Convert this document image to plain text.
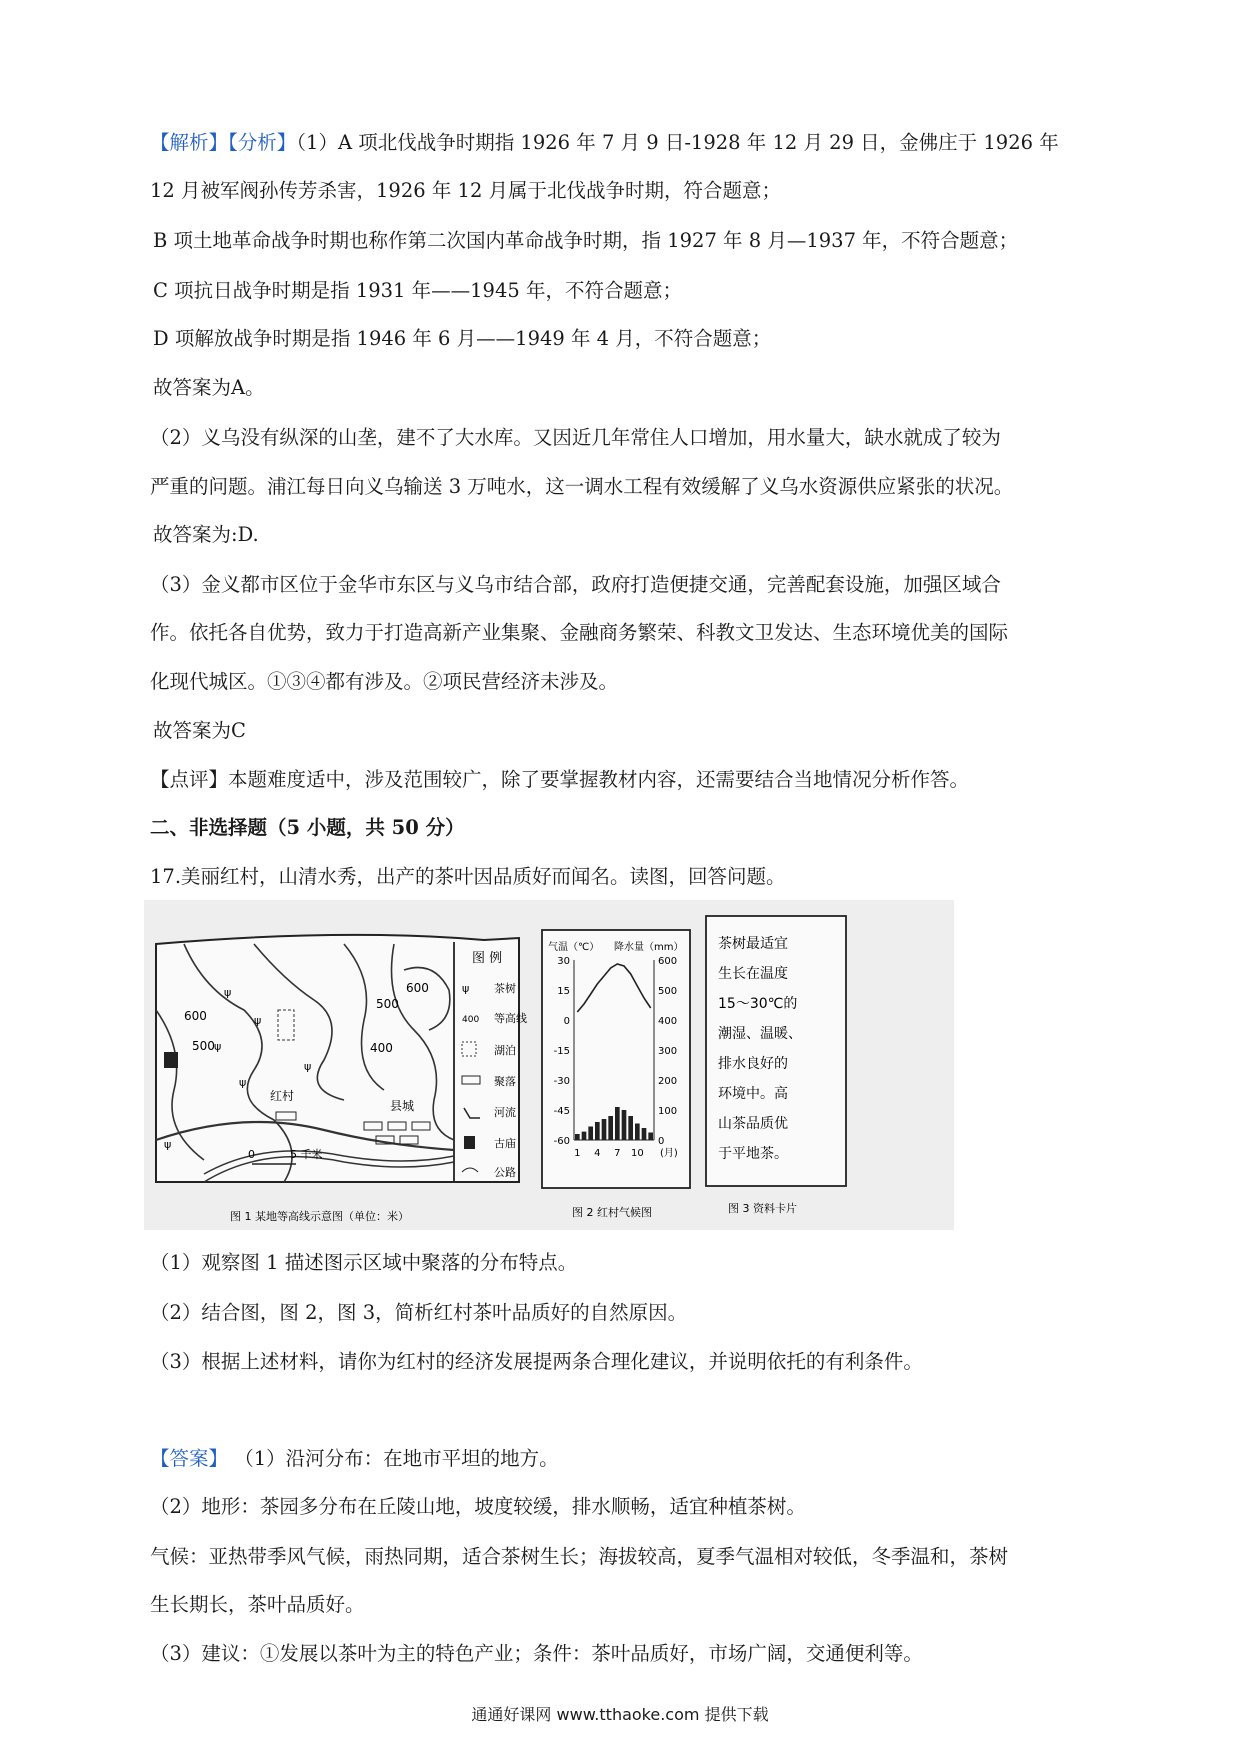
【解析】【分析】（1）A 项北伐战争时期指 1926 年 7 月 9 日-1928 年 12 月 29 日，金佛庄于 1926 年
12 月被军阀孙传芳杀害，1926 年 12 月属于北伐战争时期，符合题意；
B 项土地革命战争时期也称作第二次国内革命战争时期，指 1927 年 8 月—1937 年，不符合题意；
C 项抗日战争时期是指 1931 年——1945 年，不符合题意；
D 项解放战争时期是指 1946 年 6 月——1949 年 4 月，不符合题意；
故答案为A。
（2）义乌没有纵深的山垄，建不了大水库。又因近几年常住人口增加，用水量大，缺水就成了较为
严重的问题。浦江每日向义乌输送 3 万吨水，这一调水工程有效缓解了义乌水资源供应紧张的状况。
故答案为:D.
（3）金义都市区位于金华市东区与义乌市结合部，政府打造便捷交通，完善配套设施，加强区域合
作。依托各自优势，致力于打造高新产业集聚、金融商务繁荣、科教文卫发达、生态环境优美的国际
化现代城区。①③④都有涉及。②项民营经济未涉及。
故答案为C
【点评】本题难度适中，涉及范围较广，除了要掌握教材内容，还需要结合当地情况分析作答。
二、非选择题（5 小题，共 50 分）
17.美丽红村，山清水秀，出产的茶叶因品质好而闻名。读图，回答问题。
ψ
ψ
ψ
ψ
ψ
ψ
600
500
600
500
400
红村
县城
0	5 千米
图 例
ψ 茶树
400 等高线
湖泊
聚落
河流
古庙
公路
图 1 某地等高线示意图（单位：米）
气温（℃） 降水量（mm）
30
15
0
-15
-30
-45
-60
600
500
400
300
200
100
0
1 4 7 10 (月)
图 2 红村气候图
茶树最适宜
生长在温度
15～30℃的
潮湿、温暖、
排水良好的
环境中。高
山茶品质优
于平地茶。
图 3 资料卡片
（1）观察图 1 描述图示区域中聚落的分布特点。
（2）结合图，图 2，图 3，简析红村茶叶品质好的自然原因。
（3）根据上述材料，请你为红村的经济发展提两条合理化建议，并说明依托的有利条件。
【答案】 （1）沿河分布：在地市平坦的地方。
（2）地形：茶园多分布在丘陵山地，坡度较缓，排水顺畅，适宜种植茶树。
气候：亚热带季风气候，雨热同期，适合茶树生长；海拔较高，夏季气温相对较低，冬季温和，茶树
生长期长，茶叶品质好。
（3）建议：①发展以茶叶为主的特色产业；条件：茶叶品质好，市场广阔，交通便利等。
通通好课网 www.tthaoke.com 提供下载
